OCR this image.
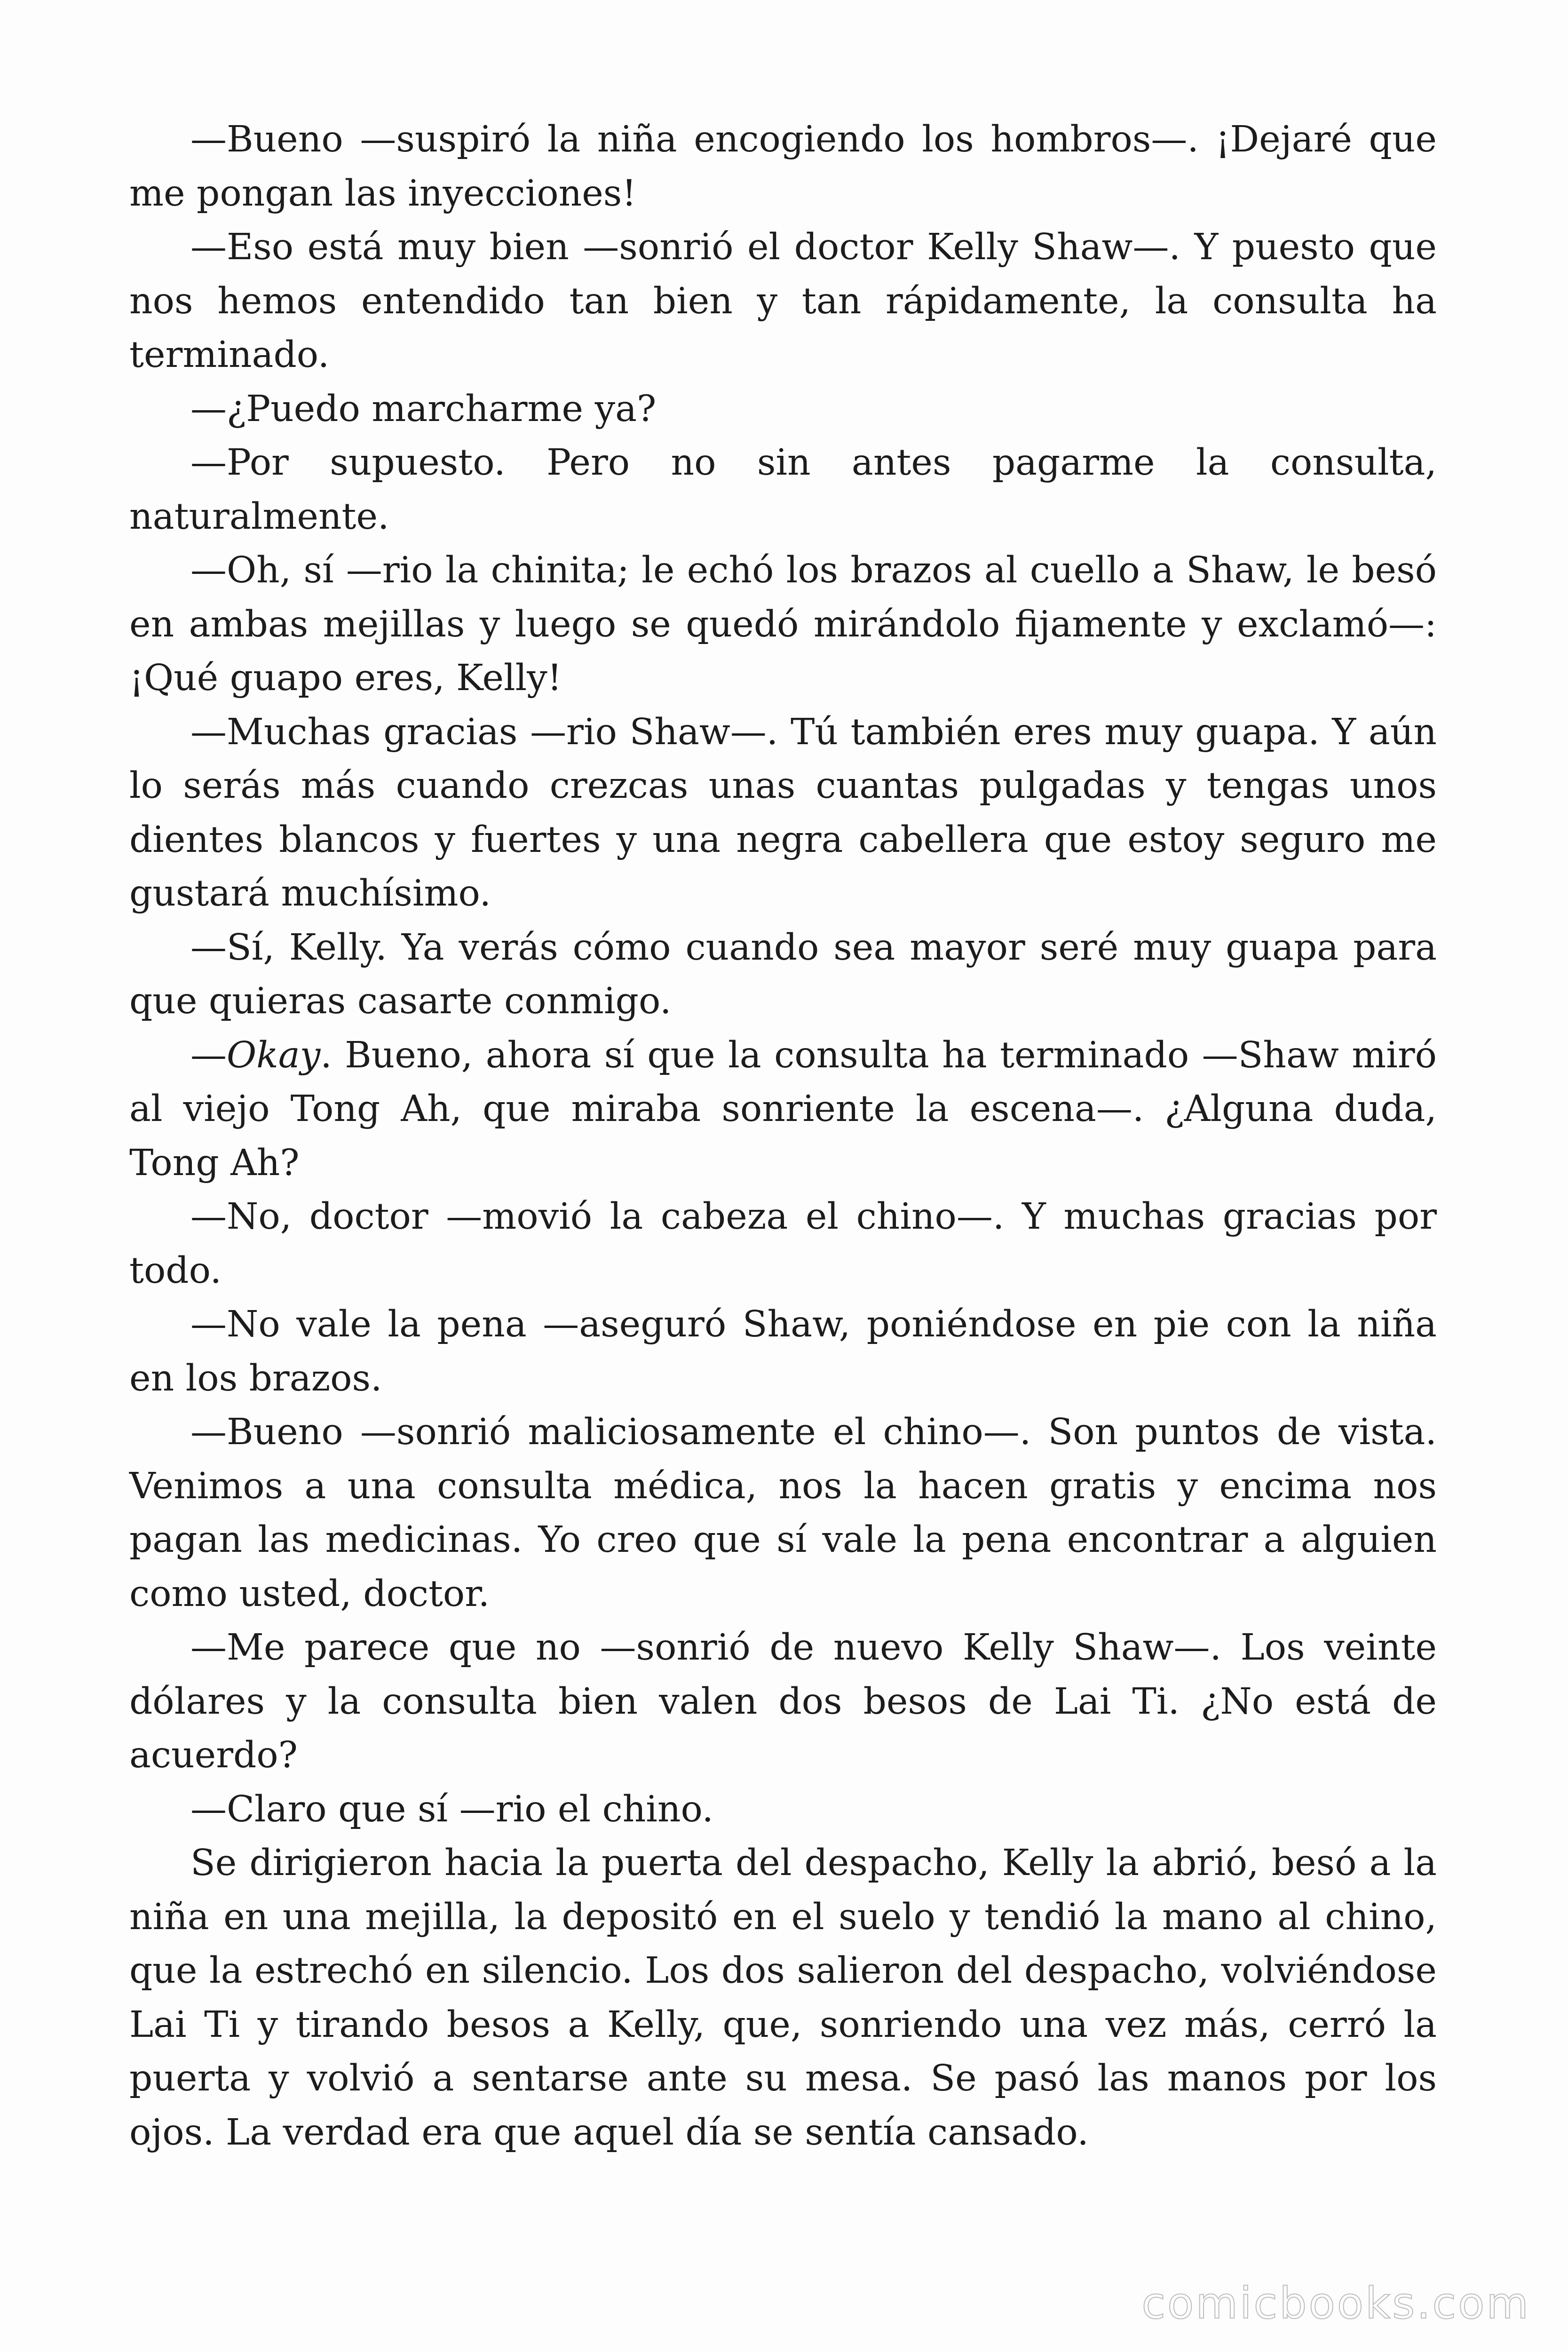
—Bueno —suspiró la niña encogiendo los hombros—. ¡Dejaré que me pongan las inyecciones!

—Eso está muy bien —sonrió el doctor Kelly Shaw—. Y puesto que nos hemos entendido tan bien y tan rápidamente, la consulta ha terminado.

—¿Puedo marcharme ya?

—Por supuesto. Pero no sin antes pagarme la consulta, naturalmente.

—Oh, sí —rio la chinita; le echó los brazos al cuello a Shaw, le besó en ambas mejillas y luego se quedó mirándolo fijamente y exclamó—: ¡Qué guapo eres, Kelly!

—Muchas gracias —rio Shaw—. Tú también eres muy guapa. Y aún lo serás más cuando crezcas unas cuantas pulgadas y tengas unos dientes blancos y fuertes y una negra cabellera que estoy seguro me gustará muchísimo.

—Sí, Kelly. Ya verás cómo cuando sea mayor seré muy guapa para que quieras casarte conmigo.

—Okay. Bueno, ahora sí que la consulta ha terminado —Shaw miró al viejo Tong Ah, que miraba sonriente la escena—. ¿Alguna duda, Tong Ah?

—No, doctor —movió la cabeza el chino—. Y muchas gracias por todo.

—No vale la pena —aseguró Shaw, poniéndose en pie con la niña en los brazos.

—Bueno —sonrió maliciosamente el chino—. Son puntos de vista. Venimos a una consulta médica, nos la hacen gratis y encima nos pagan las medicinas. Yo creo que sí vale la pena encontrar a alguien como usted, doctor.

—Me parece que no —sonrió de nuevo Kelly Shaw—. Los veinte dólares y la consulta bien valen dos besos de Lai Ti. ¿No está de acuerdo?

—Claro que sí —rio el chino.

Se dirigieron hacia la puerta del despacho, Kelly la abrió, besó a la niña en una mejilla, la depositó en el suelo y tendió la mano al chino, que la estrechó en silencio. Los dos salieron del despacho, volviéndose Lai Ti y tirando besos a Kelly, que, sonriendo una vez más, cerró la puerta y volvió a sentarse ante su mesa. Se pasó las manos por los ojos. La verdad era que aquel día se sentía cansado.

comicbooks.com
